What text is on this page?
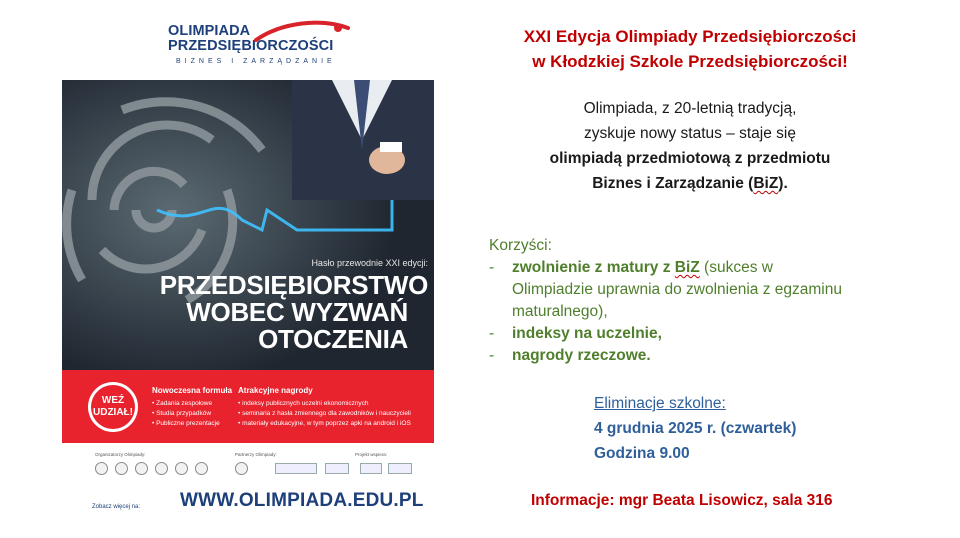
OLIMPIADA
PRZEDSIĘBIORCZOŚCI
BIZNES I ZARZĄDZANIE
Hasło przewodnie XXI edycji:
PRZEDSIĘBIORSTWO
WOBEC WYZWAŃ
OTOCZENIA
WEŹ
UDZIAŁ!
Nowoczesna formuła
• Zadania zespołowe
• Studia przypadków
• Publiczne prezentacje
Atrakcyjne nagrody
• indeksy publicznych uczelni ekonomicznych
• seminaria z hasła zmiennego dla zawodników i nauczycieli
• materiały edukacyjne, w tym poprzez apki na android i iOS
Organizatorzy Olimpiady:	Partnerzy Olimpiady:	Projekt wspiera:
Zobacz więcej na: WWW.OLIMPIADA.EDU.PL
XXI Edycja Olimpiady Przedsiębiorczości
w Kłodzkiej Szkole Przedsiębiorczości!
Olimpiada, z 20-letnią tradycją,
zyskuje nowy status – staje się
olimpiadą przedmiotową z przedmiotu
Biznes i Zarządzanie (BiZ).
Korzyści:
- zwolnienie z matury z BiZ (sukces w
Olimpiadzie uprawnia do zwolnienia z egzaminu
maturalnego),
- indeksy na uczelnie,
- nagrody rzeczowe.
Eliminacje szkolne:
4 grudnia 2025 r. (czwartek)
Godzina 9.00
Informacje: mgr Beata Lisowicz, sala 316
